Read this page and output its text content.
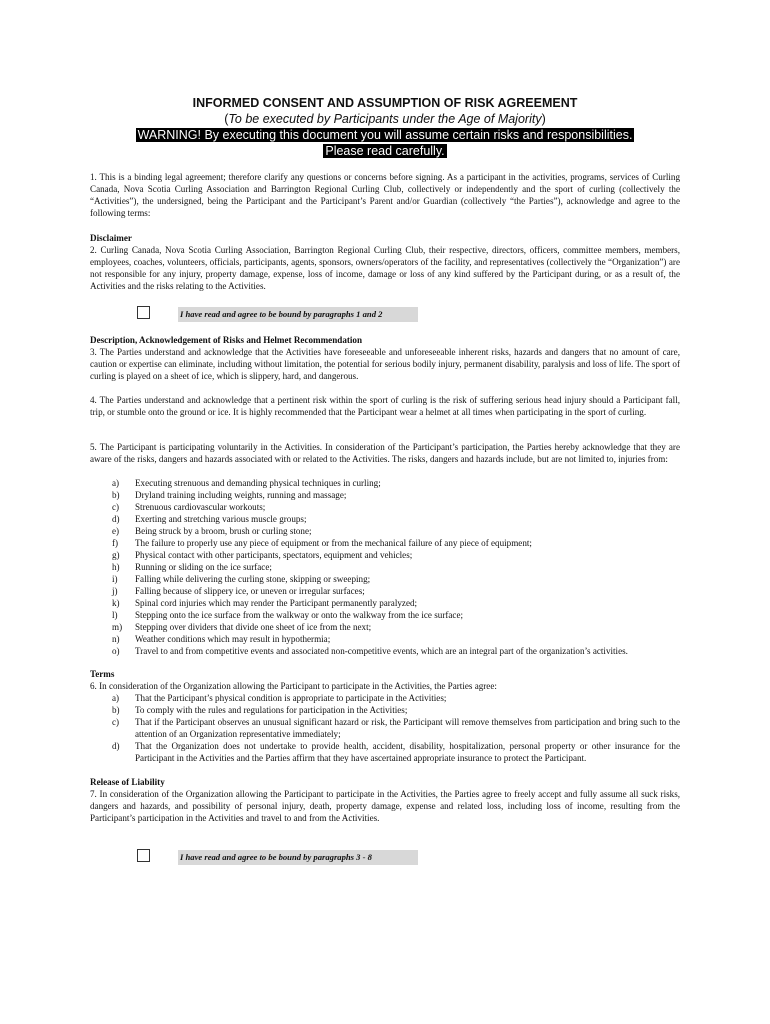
INFORMED CONSENT AND ASSUMPTION OF RISK AGREEMENT
(To be executed by Participants under the Age of Majority)
WARNING! By executing this document you will assume certain risks and responsibilities.
Please read carefully.
1. This is a binding legal agreement; therefore clarify any questions or concerns before signing. As a participant in the activities, programs, services of Curling Canada, Nova Scotia Curling Association and Barrington Regional Curling Club, collectively or independently and the sport of curling (collectively the “Activities”), the undersigned, being the Participant and the Participant’s Parent and/or Guardian (collectively “the Parties”), acknowledge and agree to the following terms:
Disclaimer
2. Curling Canada, Nova Scotia Curling Association, Barrington Regional Curling Club, their respective, directors, officers, committee members, members, employees, coaches, volunteers, officials, participants, agents, sponsors, owners/operators of the facility, and representatives (collectively the “Organization”) are not responsible for any injury, property damage, expense, loss of income, damage or loss of any kind suffered by the Participant during, or as a result of, the Activities and the risks relating to the Activities.
I have read and agree to be bound by paragraphs 1 and 2
Description, Acknowledgement of Risks and Helmet Recommendation
3. The Parties understand and acknowledge that the Activities have foreseeable and unforeseeable inherent risks, hazards and dangers that no amount of care, caution or expertise can eliminate, including without limitation, the potential for serious bodily injury, permanent disability, paralysis and loss of life. The sport of curling is played on a sheet of ice, which is slippery, hard, and dangerous.
4. The Parties understand and acknowledge that a pertinent risk within the sport of curling is the risk of suffering serious head injury should a Participant fall, trip, or stumble onto the ground or ice. It is highly recommended that the Participant wear a helmet at all times when participating in the sport of curling.
5. The Participant is participating voluntarily in the Activities. In consideration of the Participant’s participation, the Parties hereby acknowledge that they are aware of the risks, dangers and hazards associated with or related to the Activities. The risks, dangers and hazards include, but are not limited to, injuries from:
a) Executing strenuous and demanding physical techniques in curling;
b) Dryland training including weights, running and massage;
c) Strenuous cardiovascular workouts;
d) Exerting and stretching various muscle groups;
e) Being struck by a broom, brush or curling stone;
f) The failure to properly use any piece of equipment or from the mechanical failure of any piece of equipment;
g) Physical contact with other participants, spectators, equipment and vehicles;
h) Running or sliding on the ice surface;
i) Falling while delivering the curling stone, skipping or sweeping;
j) Falling because of slippery ice, or uneven or irregular surfaces;
k) Spinal cord injuries which may render the Participant permanently paralyzed;
l) Stepping onto the ice surface from the walkway or onto the walkway from the ice surface;
m) Stepping over dividers that divide one sheet of ice from the next;
n) Weather conditions which may result in hypothermia;
o) Travel to and from competitive events and associated non-competitive events, which are an integral part of the organization’s activities.
Terms
6. In consideration of the Organization allowing the Participant to participate in the Activities, the Parties agree:
a) That the Participant’s physical condition is appropriate to participate in the Activities;
b) To comply with the rules and regulations for participation in the Activities;
c) That if the Participant observes an unusual significant hazard or risk, the Participant will remove themselves from participation and bring such to the attention of an Organization representative immediately;
d) That the Organization does not undertake to provide health, accident, disability, hospitalization, personal property or other insurance for the Participant in the Activities and the Parties affirm that they have ascertained appropriate insurance to protect the Participant.
Release of Liability
7. In consideration of the Organization allowing the Participant to participate in the Activities, the Parties agree to freely accept and fully assume all suck risks, dangers and hazards, and possibility of personal injury, death, property damage, expense and related loss, including loss of income, resulting from the Participant’s participation in the Activities and travel to and from the Activities.
I have read and agree to be bound by paragraphs 3 - 8
